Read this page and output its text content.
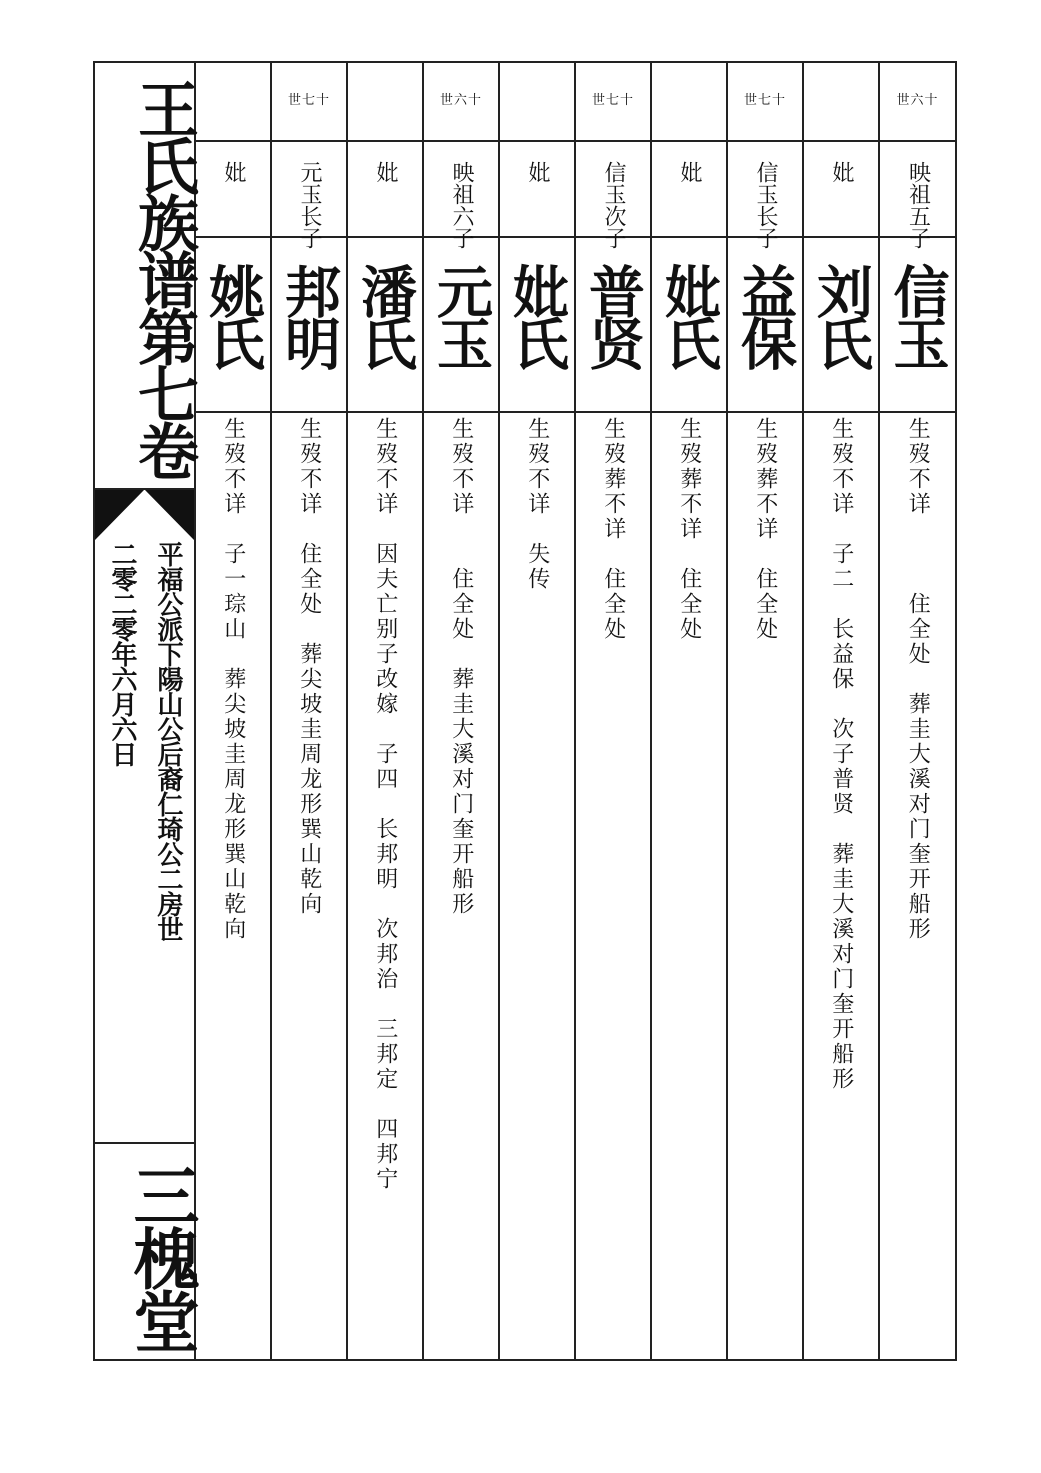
王氏族谱第七卷
平福公派下陽山公后裔仁琦公二房世
二零二零年六月六日
三槐堂
妣
姚氏
生歿不详　子一琮山　葬尖坡圭周龙形巽山乾向
世七十
元玉长子
邦明
生歿不详　住全处　葬尖坡圭周龙形巽山乾向
妣
潘氏
生歿不详　因夫亡别子改嫁　子四　长邦明　次邦治　三邦定　四邦宁
世六十
映祖六子
元玉
生歿不详　　住全处　葬圭大溪对门奎开船形
妣
妣氏
生歿不详　失传
世七十
信玉次子
普贤
生歿葬不详　住全处
妣
妣氏
生歿葬不详　住全处
世七十
信玉长子
益保
生歿葬不详　住全处
妣
刘氏
生歿不详　子二　长益保　次子普贤　葬圭大溪对门奎开船形
世六十
映祖五子
信玉
生歿不详　　　住全处　葬圭大溪对门奎开船形
